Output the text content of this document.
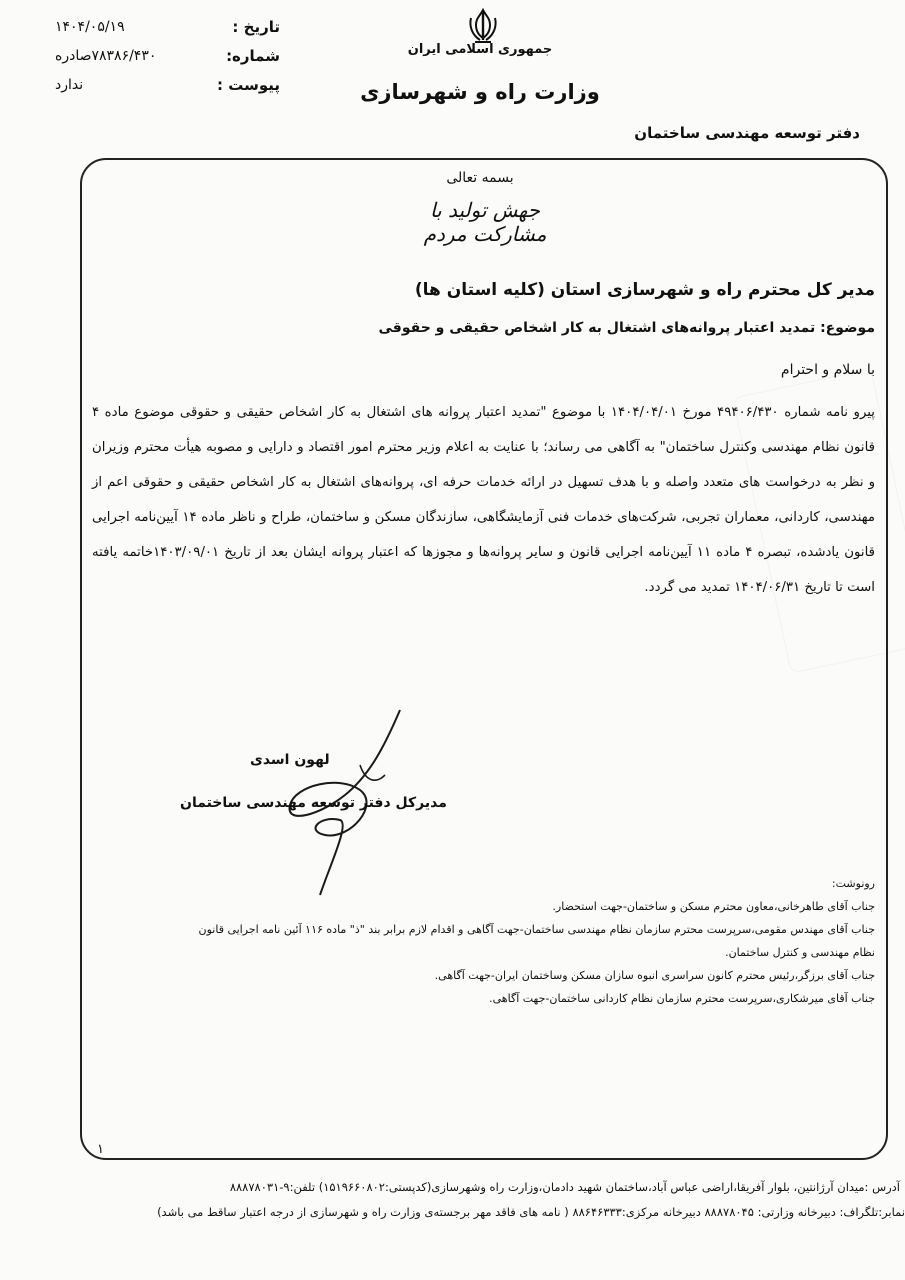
تاریخ :
۱۴۰۴/۰۵/۱۹
شماره:
۷۸۳۸۶/۴۳۰صادره
پیوست :
ندارد
جمهوری اسلامی ایران
وزارت راه و شهرسازی
دفتر توسعه مهندسی ساختمان
بسمه تعالی
جهش تولید با مشارکت مردم
مدیر کل محترم راه و شهرسازی استان (کلیه استان ها)
موضوع: تمدید اعتبار پروانه‌های اشتغال به کار اشخاص حقیقی و حقوقی
با سلام و احترام
پیرو نامه شماره ۴۹۴۰۶/۴۳۰ مورخ ۱۴۰۴/۰۴/۰۱ با موضوع "تمدید اعتبار پروانه های اشتغال به کار اشخاص حقیقی و حقوقی موضوع ماده ۴ قانون نظام مهندسی وکنترل ساختمان" به آگاهی می رساند؛ با عنایت به اعلام وزیر محترم امور اقتصاد و دارایی و مصوبه هیأت محترم وزیران و نظر به درخواست های متعدد واصله و با هدف تسهیل در ارائه خدمات حرفه ای، پروانه‌های اشتغال به کار اشخاص حقیقی و حقوقی اعم از مهندسی، کاردانی، معماران تجربی، شرکت‌های خدمات فنی آزمایشگاهی، سازندگان مسکن و ساختمان، طراح و ناظر ماده ۱۴ آیین‌نامه اجرایی قانون یادشده، تبصره ۴ ماده ۱۱ آیین‌نامه اجرایی قانون و سایر پروانه‌ها و مجوزها که اعتبار پروانه ایشان بعد از تاریخ ۱۴۰۳/۰۹/۰۱خاتمه یافته است تا تاریخ ۱۴۰۴/۰۶/۳۱ تمدید می گردد.
لهون اسدی
مدیرکل دفتر توسعه مهندسی ساختمان
رونوشت:
جناب آقای طاهرخانی،معاون محترم مسکن و ساختمان-جهت استحضار.
جناب آقای مهندس مقومی،سرپرست محترم سازمان نظام مهندسی ساختمان-جهت آگاهی و اقدام لازم برابر بند "ذ" ماده ۱۱۶ آئین نامه اجرایی قانون
نظام مهندسی و کنترل ساختمان.
جناب آقای برزگر،رئیس محترم کانون سراسری انبوه سازان مسکن وساختمان ایران-جهت آگاهی.
جناب آقای میرشکاری،سرپرست محترم سازمان نظام کاردانی ساختمان-جهت آگاهی.
۱
آدرس :میدان آرژانتین، بلوار آفریقا،اراضی عباس آباد،ساختمان شهید دادمان،وزارت راه وشهرسازی(کدپستی:۱۵۱۹۶۶۰۸۰۲) تلفن:۹-۸۸۸۷۸۰۳۱
نمابر:تلگراف: دبیرخانه وزارتی: ۸۸۸۷۸۰۴۵ دبیرخانه مرکزی:۸۸۶۴۶۳۳۳ ( نامه های فاقد مهر برجسته‌ی وزارت راه و شهرسازی از درجه اعتبار ساقط می باشد)
